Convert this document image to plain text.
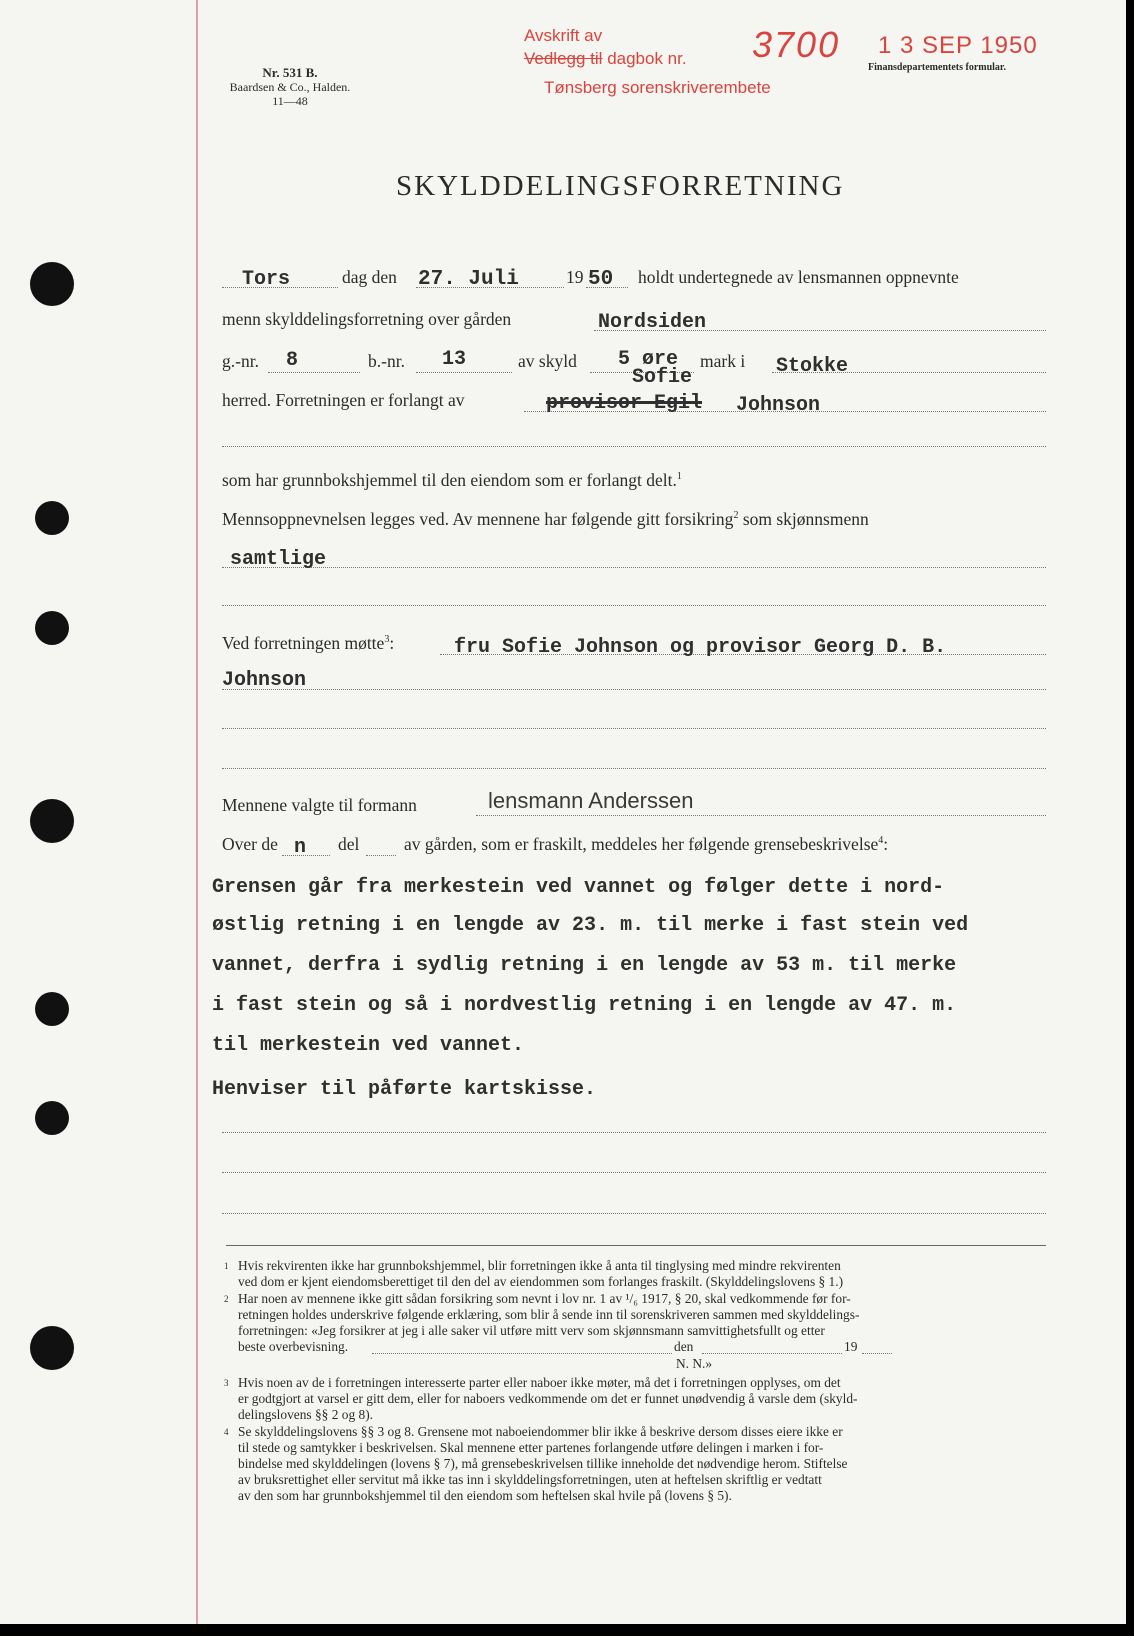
Nr. 531 B.
Baardsen & Co., Halden.
11—48
Avskrift av
Vedlegg til dagbok nr. 3700
Tønsberg sorenskriverembete
1 3 SEP 1950
Finansdepartementets formular.
SKYLDDELINGSFORRETNING
Tors	dag den 27. Juli	19 50 holdt undertegnede av lensmannen oppnevnte
menn skylddelingsforretning over gården	Nordsiden
g.-nr. 8	b.-nr. 13	av skyld 5 øre mark i Stokke
Sofie
herred. Forretningen er forlangt av	provisor Egil Johnson
som har grunnbokshjemmel til den eiendom som er forlangt delt.$^1$
Mennsoppnevnelsen legges ved. Av mennene har følgende gitt forsikring$^2$ som skjønnsmenn
samtlige
Ved forretningen møtte$^3$:	fru Sofie Johnson og provisor Georg D. B.
Johnson
Mennene valgte til formann	lensmann Anderssen
Over de n del	av gården, som er fraskilt, meddeles her følgende grensebeskrivelse$^4$:
Grensen går fra merkestein ved vannet og følger dette i nord-
østlig retning i en lengde av 23. m. til merke i fast stein ved
vannet, derfra i sydlig retning i en lengde av 53 m. til merke
i fast stein og så i nordvestlig retning i en lengde av 47. m.
til merkestein ved vannet.
Henviser til påførte kartskisse.
1 Hvis rekvirenten ikke har grunnbokshjemmel, blir forretningen ikke å anta til tinglysing med mindre rekvirenten
ved dom er kjent eiendomsberettiget til den del av eiendommen som forlanges fraskilt. (Skylddelingslovens § 1.)
2 Har noen av mennene ikke gitt sådan forsikring som nevnt i lov nr. 1 av ¹/₆ 1917, § 20, skal vedkommende før for-
retningen holdes underskrive følgende erklæring, som blir å sende inn til sorenskriveren sammen med skylddelings-
forretningen: «Jeg forsikrer at jeg i alle saker vil utføre mitt verv som skjønnsmann samvittighetsfullt og etter
beste overbevisning.	den	19
N. N.»
3 Hvis noen av de i forretningen interesserte parter eller naboer ikke møter, må det i forretningen opplyses, om det
er godtgjort at varsel er gitt dem, eller for naboers vedkommende om det er funnet unødvendig å varsle dem (skyld-
delingslovens §§ 2 og 8).
4 Se skylddelingslovens §§ 3 og 8. Grensene mot naboeiendommer blir ikke å beskrive dersom disses eiere ikke er
til stede og samtykker i beskrivelsen. Skal mennene etter partenes forlangende utføre delingen i marken i for-
bindelse med skylddelingen (lovens § 7), må grensebeskrivelsen tillike inneholde det nødvendige herom. Stiftelse
av bruksrettighet eller servitut må ikke tas inn i skylddelingsforretningen, uten at heftelsen skriftlig er vedtatt
av den som har grunnbokshjemmel til den eiendom som heftelsen skal hvile på (lovens § 5).
